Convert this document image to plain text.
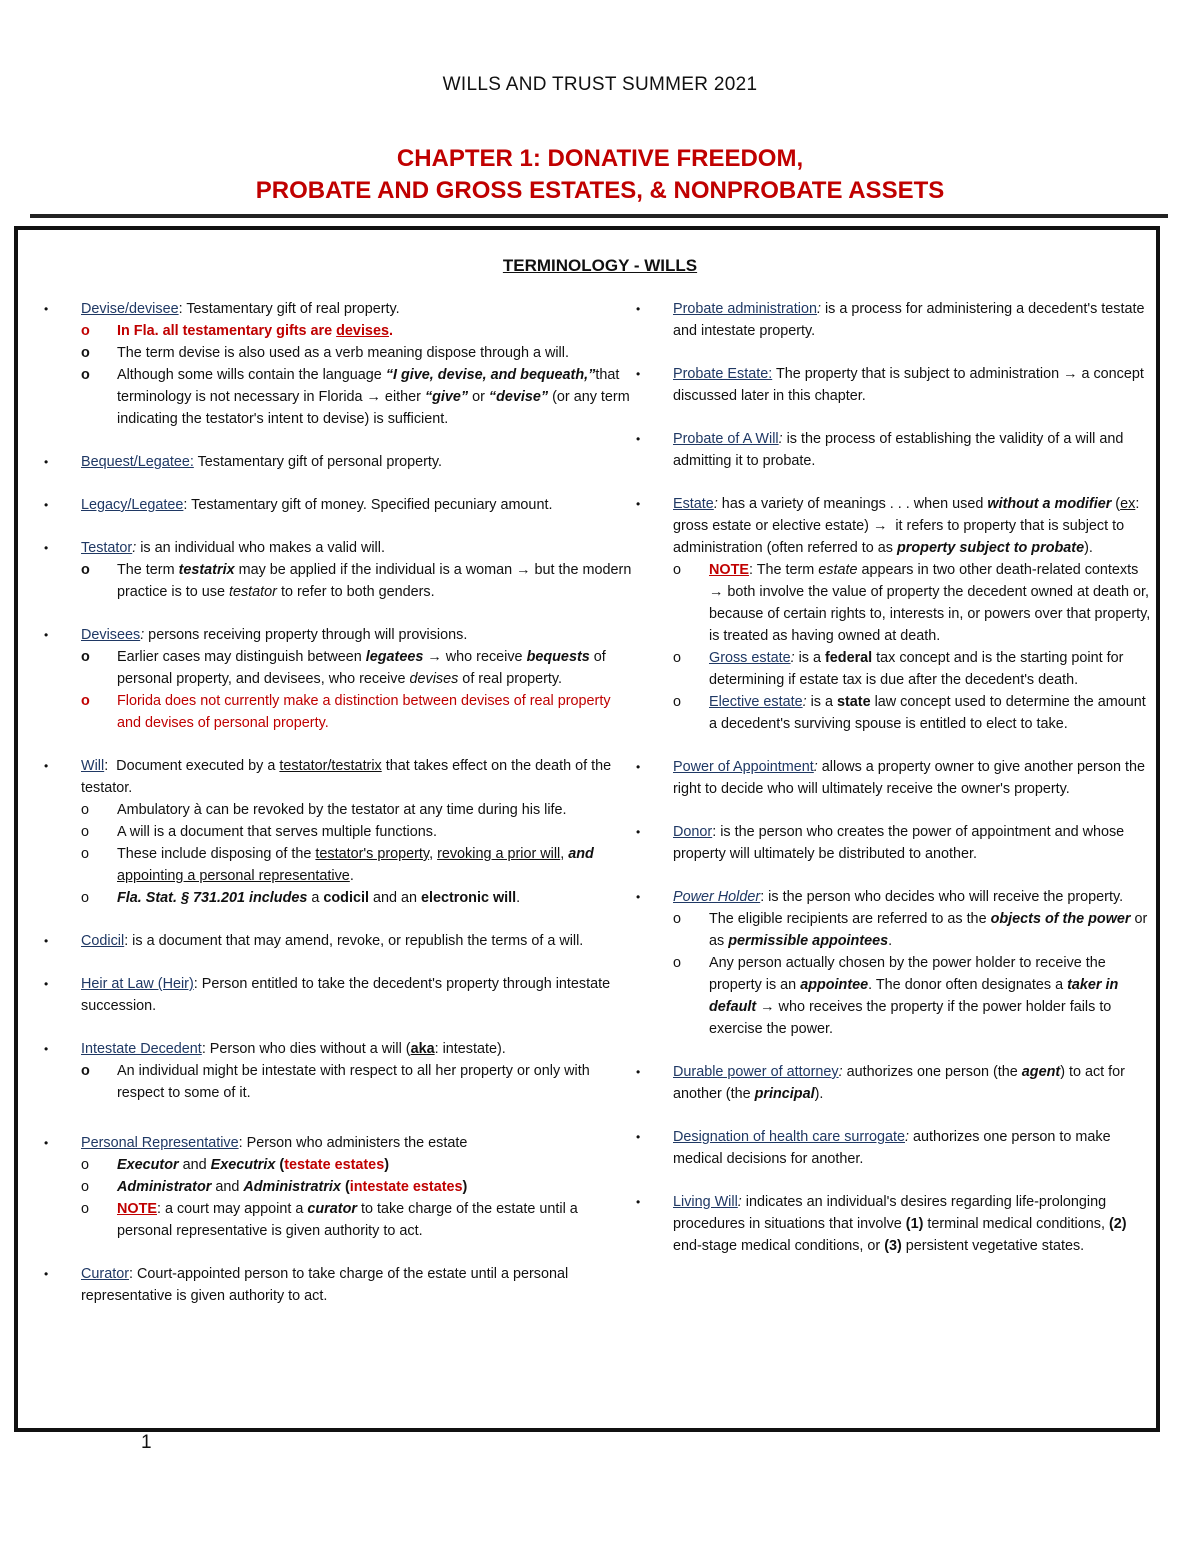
WILLS AND TRUST SUMMER 2021
CHAPTER 1: DONATIVE FREEDOM,
PROBATE AND GROSS ESTATES, & NONPROBATE ASSETS
TERMINOLOGY - WILLS
• Devise/devisee: Testamentary gift of real property.
o In Fla. all testamentary gifts are devises.
o The term devise is also used as a verb meaning dispose through a will.
o Although some wills contain the language “I give, devise, and bequeath,”that terminology is not necessary in Florida → either “give” or “devise” (or any term indicating the testator's intent to devise) is sufficient.
• Bequest/Legatee: Testamentary gift of personal property.
• Legacy/Legatee: Testamentary gift of money. Specified pecuniary amount.
• Testator: is an individual who makes a valid will.
o The term testatrix may be applied if the individual is a woman → but the modern practice is to use testator to refer to both genders.
• Devisees: persons receiving property through will provisions.
o Earlier cases may distinguish between legatees → who receive bequests of personal property, and devisees, who receive devises of real property.
o Florida does not currently make a distinction between devises of real property and devises of personal property.
• Will:  Document executed by a testator/testatrix that takes effect on the death of the testator.
o Ambulatory à can be revoked by the testator at any time during his life.
o A will is a document that serves multiple functions.
o These include disposing of the testator's property, revoking a prior will, and appointing a personal representative.
o Fla. Stat. § 731.201 includes a codicil and an electronic will.
• Codicil: is a document that may amend, revoke, or republish the terms of a will.
• Heir at Law (Heir): Person entitled to take the decedent's property through intestate succession.
• Intestate Decedent: Person who dies without a will (aka: intestate).
o An individual might be intestate with respect to all her property or only with respect to some of it.
• Personal Representative: Person who administers the estate
o Executor and Executrix (testate estates)
o Administrator and Administratrix (intestate estates)
o NOTE: a court may appoint a curator to take charge of the estate until a personal representative is given authority to act.
• Curator: Court-appointed person to take charge of the estate until a personal representative is given authority to act.
• Probate administration: is a process for administering a decedent's testate and intestate property.
• Probate Estate: The property that is subject to administration → a concept discussed later in this chapter.
• Probate of A Will: is the process of establishing the validity of a will and admitting it to probate.
• Estate: has a variety of meanings . . . when used without a modifier (ex: gross estate or elective estate) →  it refers to property that is subject to administration (often referred to as property subject to probate).
o NOTE: The term estate appears in two other death-related contexts → both involve the value of property the decedent owned at death or, because of certain rights to, interests in, or powers over that property, is treated as having owned at death.
o Gross estate: is a federal tax concept and is the starting point for determining if estate tax is due after the decedent's death.
o Elective estate: is a state law concept used to determine the amount a decedent's surviving spouse is entitled to elect to take.
• Power of Appointment: allows a property owner to give another person the right to decide who will ultimately receive the owner's property.
• Donor: is the person who creates the power of appointment and whose property will ultimately be distributed to another.
• Power Holder: is the person who decides who will receive the property.
o The eligible recipients are referred to as the objects of the power or as permissible appointees.
o Any person actually chosen by the power holder to receive the property is an appointee. The donor often designates a taker in default → who receives the property if the power holder fails to exercise the power.
• Durable power of attorney: authorizes one person (the agent) to act for another (the principal).
• Designation of health care surrogate: authorizes one person to make medical decisions for another.
• Living Will: indicates an individual's desires regarding life-prolonging procedures in situations that involve (1) terminal medical conditions, (2) end-stage medical conditions, or (3) persistent vegetative states.
1
